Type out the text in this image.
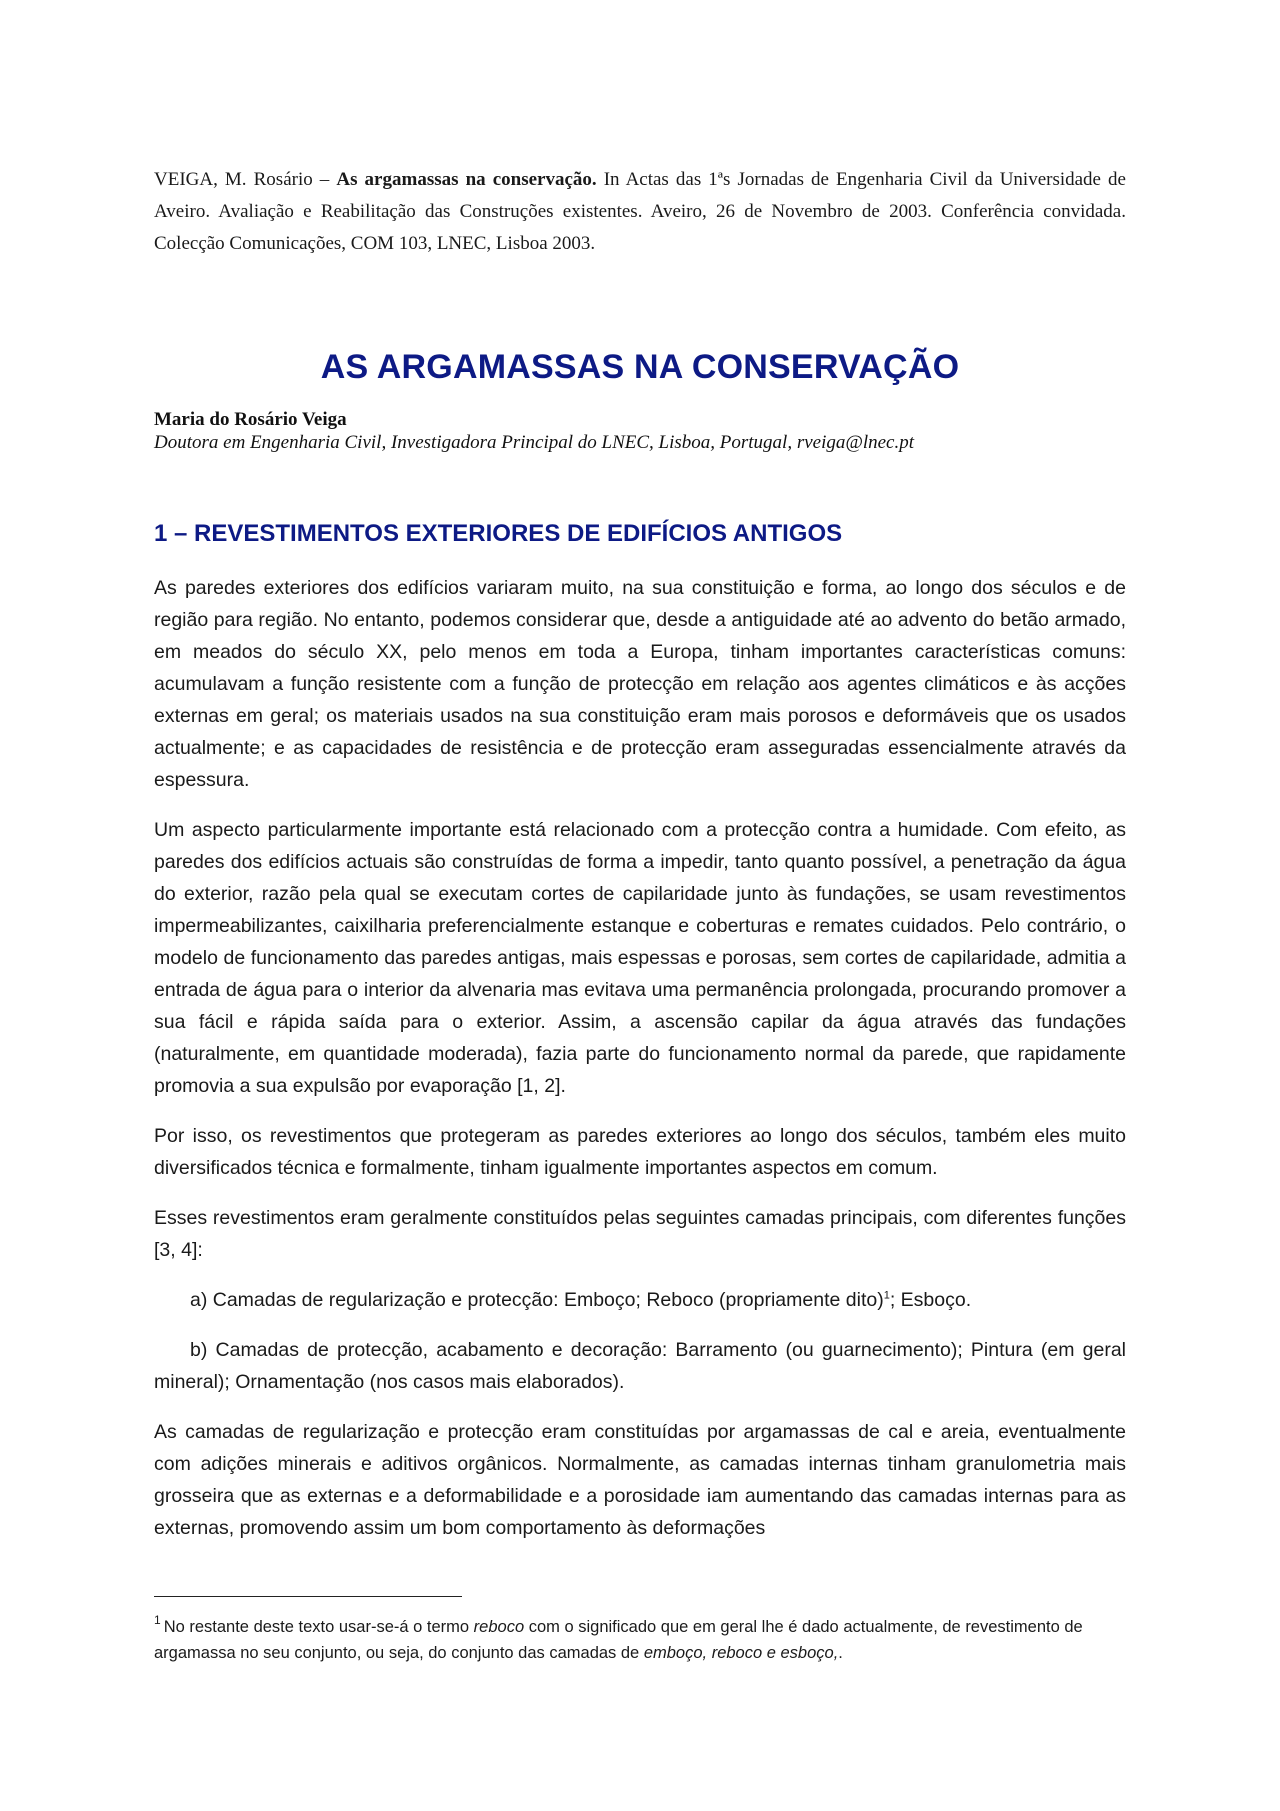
VEIGA, M. Rosário – As argamassas na conservação. In Actas das 1ªs Jornadas de Engenharia Civil da Universidade de Aveiro. Avaliação e Reabilitação das Construções existentes. Aveiro, 26 de Novembro de 2003. Conferência convidada. Colecção Comunicações, COM 103, LNEC, Lisboa 2003.
AS ARGAMASSAS NA CONSERVAÇÃO
Maria do Rosário Veiga
Doutora em Engenharia Civil, Investigadora Principal do LNEC, Lisboa, Portugal, rveiga@lnec.pt
1 – REVESTIMENTOS EXTERIORES DE EDIFÍCIOS ANTIGOS

As paredes exteriores dos edifícios variaram muito, na sua constituição e forma, ao longo dos séculos e de região para região. No entanto, podemos considerar que, desde a antiguidade até ao advento do betão armado, em meados do século XX, pelo menos em toda a Europa, tinham importantes características comuns: acumulavam a função resistente com a função de protecção em relação aos agentes climáticos e às acções externas em geral; os materiais usados na sua constituição eram mais porosos e deformáveis que os usados actualmente; e as capacidades de resistência e de protecção eram asseguradas essencialmente através da espessura.

Um aspecto particularmente importante está relacionado com a protecção contra a humidade. Com efeito, as paredes dos edifícios actuais são construídas de forma a impedir, tanto quanto possível, a penetração da água do exterior, razão pela qual se executam cortes de capilaridade junto às fundações, se usam revestimentos impermeabilizantes, caixilharia preferencialmente estanque e coberturas e remates cuidados. Pelo contrário, o modelo de funcionamento das paredes antigas, mais espessas e porosas, sem cortes de capilaridade, admitia a entrada de água para o interior da alvenaria mas evitava uma permanência prolongada, procurando promover a sua fácil e rápida saída para o exterior. Assim, a ascensão capilar da água através das fundações (naturalmente, em quantidade moderada), fazia parte do funcionamento normal da parede, que rapidamente promovia a sua expulsão por evaporação [1, 2].

Por isso, os revestimentos que protegeram as paredes exteriores ao longo dos séculos, também eles muito diversificados técnica e formalmente, tinham igualmente importantes aspectos em comum.

Esses revestimentos eram geralmente constituídos pelas seguintes camadas principais, com diferentes funções [3, 4]:

a) Camadas de regularização e protecção: Emboço; Reboco (propriamente dito)$^1$; Esboço.

b) Camadas de protecção, acabamento e decoração: Barramento (ou guarnecimento); Pintura (em geral mineral); Ornamentação (nos casos mais elaborados).

As camadas de regularização e protecção eram constituídas por argamassas de cal e areia, eventualmente com adições minerais e aditivos orgânicos. Normalmente, as camadas internas tinham granulometria mais grosseira que as externas e a deformabilidade e a porosidade iam aumentando das camadas internas para as externas, promovendo assim um bom comportamento às deformações

$^1$ No restante deste texto usar-se-á o termo reboco com o significado que em geral lhe é dado actualmente, de revestimento de argamassa no seu conjunto, ou seja, do conjunto das camadas de emboço, reboco e esboço,.
